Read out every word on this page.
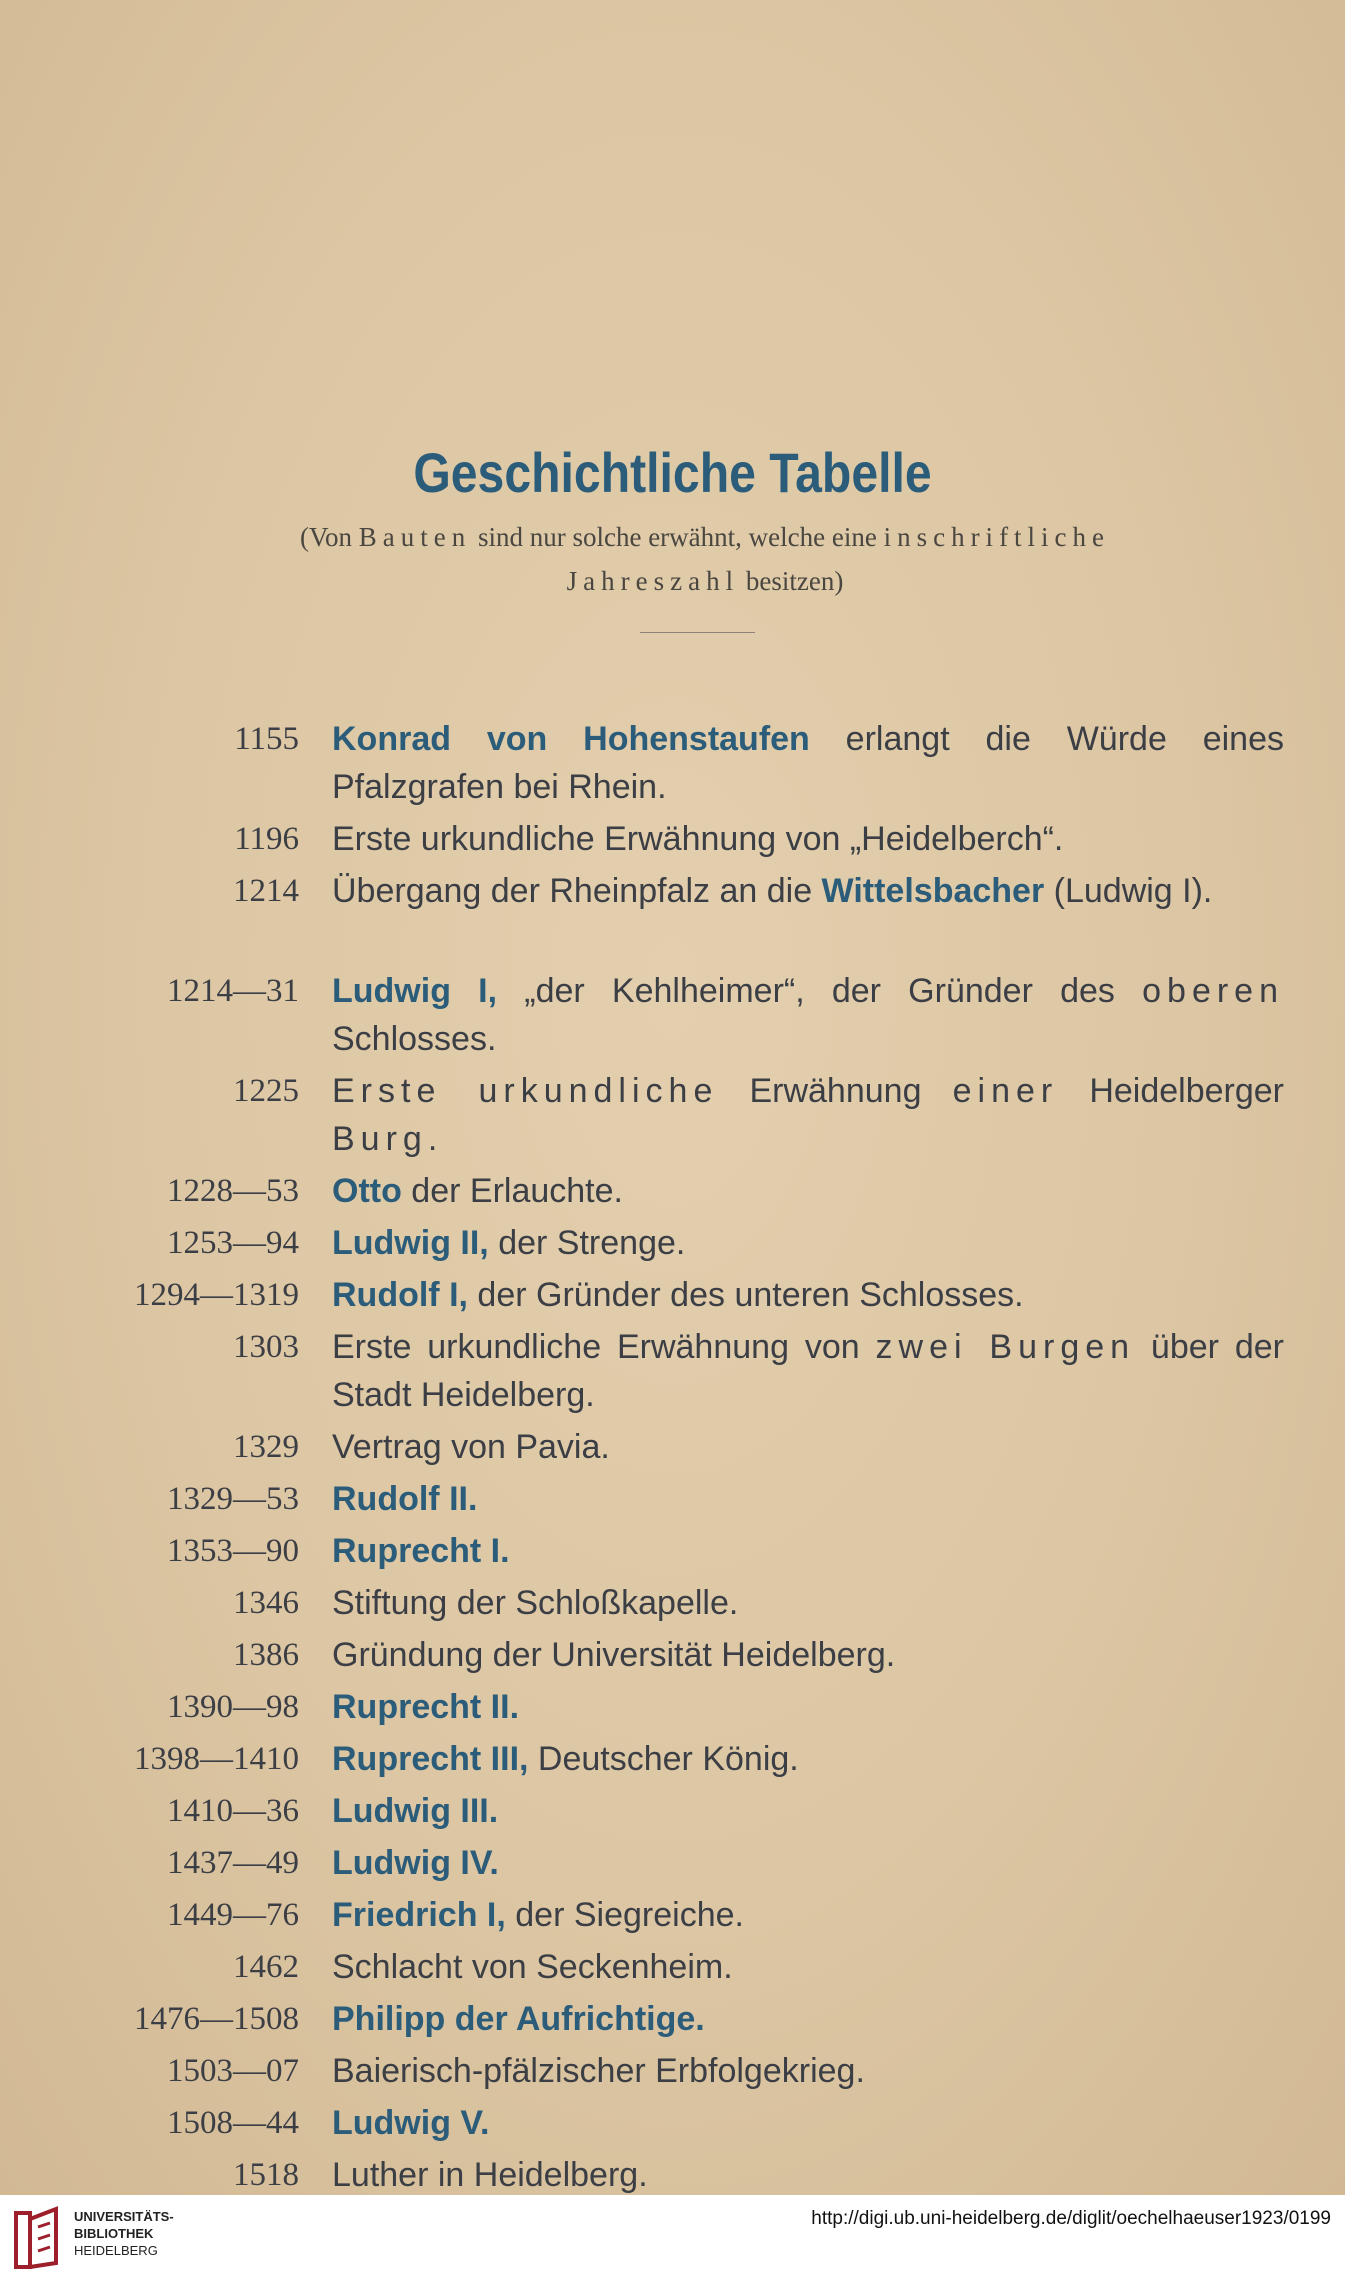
Geschichtliche Tabelle
(Von Bauten sind nur solche erwähnt, welche eine inschriftliche
Jahreszahl besitzen)
1155 Konrad von Hohenstaufen erlangt die Würde eines Pfalzgrafen bei Rhein.
1196 Erste urkundliche Erwähnung von „Heidelberch“.
1214 Übergang der Rheinpfalz an die Wittelsbacher (Ludwig I).
1214—31 Ludwig I, „der Kehlheimer“, der Gründer des oberen Schlosses.
1225 Erste urkundliche Erwähnung einer Heidelberger Burg.
1228—53 Otto der Erlauchte.
1253—94 Ludwig II, der Strenge.
1294—1319 Rudolf I, der Gründer des unteren Schlosses.
1303 Erste urkundliche Erwähnung von zwei Burgen über der Stadt Heidelberg.
1329 Vertrag von Pavia.
1329—53 Rudolf II.
1353—90 Ruprecht I.
1346 Stiftung der Schloßkapelle.
1386 Gründung der Universität Heidelberg.
1390—98 Ruprecht II.
1398—1410 Ruprecht III, Deutscher König.
1410—36 Ludwig III.
1437—49 Ludwig IV.
1449—76 Friedrich I, der Siegreiche.
1462 Schlacht von Seckenheim.
1476—1508 Philipp der Aufrichtige.
1503—07 Baierisch-pfälzischer Erbfolgekrieg.
1508—44 Ludwig V.
1518 Luther in Heidelberg.
UNIVERSITÄTS-
BIBLIOTHEK
HEIDELBERG
http://digi.ub.uni-heidelberg.de/diglit/oechelhaeuser1923/0199
